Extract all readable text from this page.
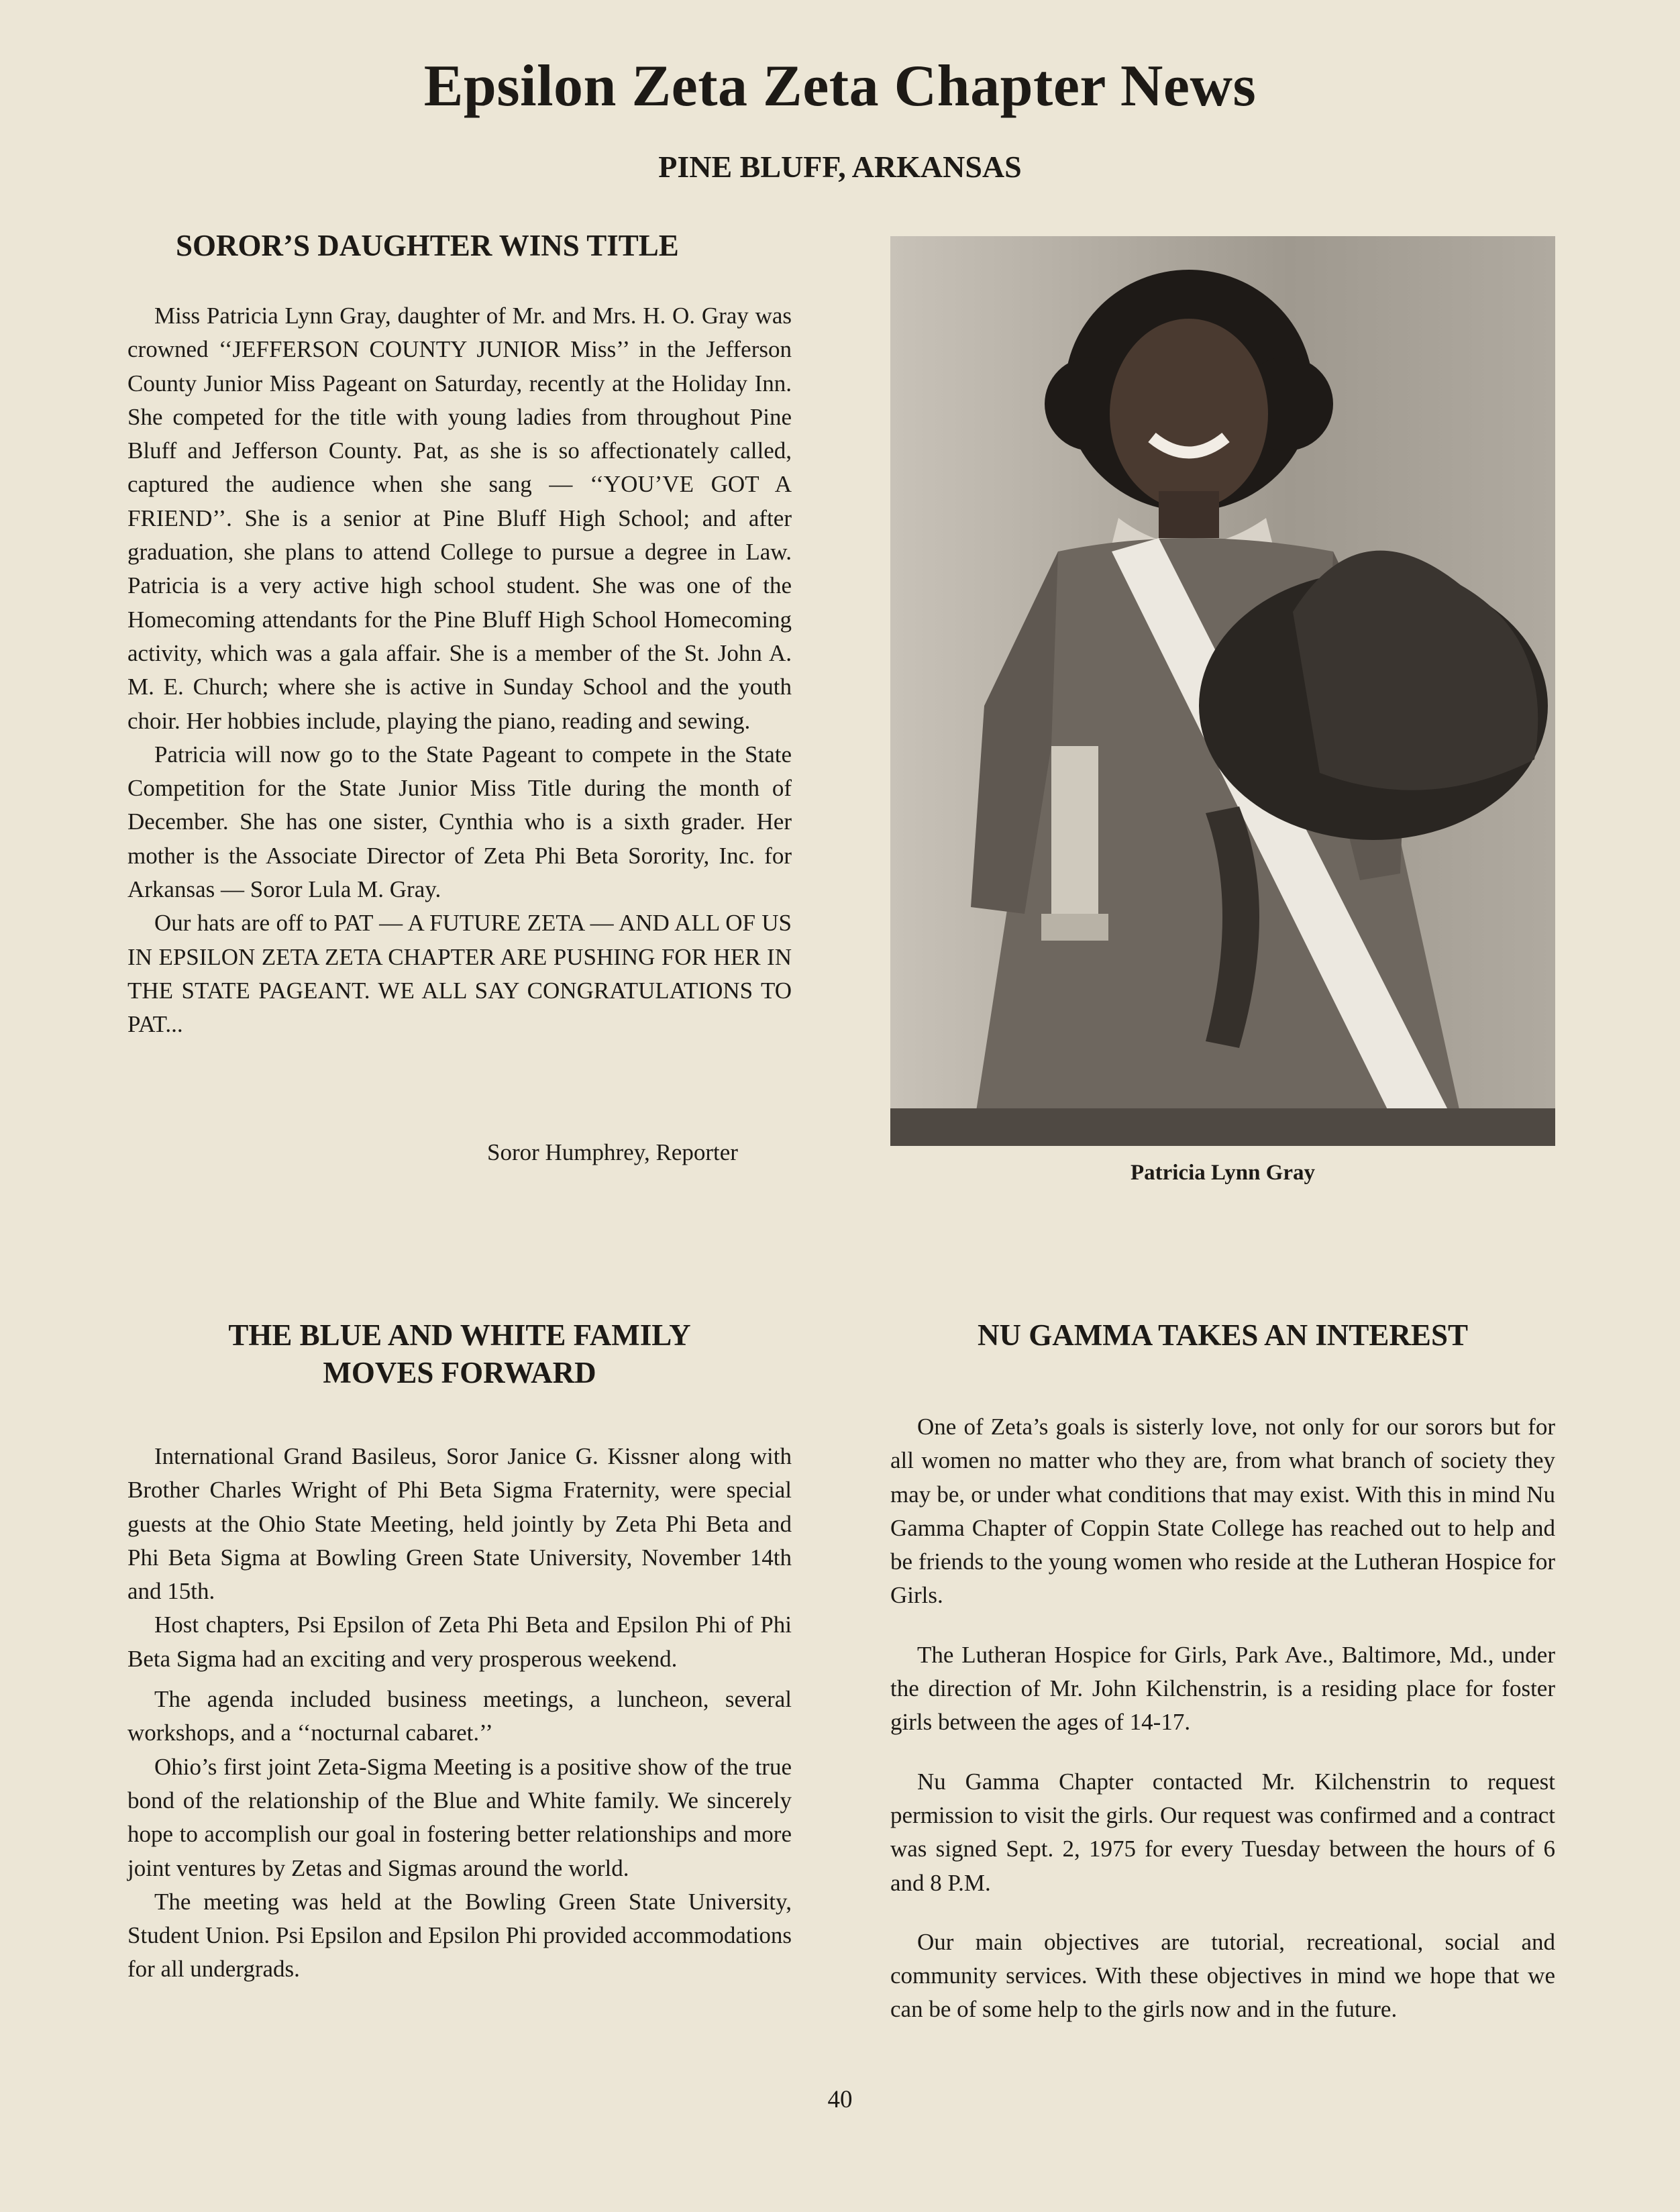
Epsilon Zeta Zeta Chapter News
PINE BLUFF, ARKANSAS
SOROR’S DAUGHTER WINS TITLE

Miss Patricia Lynn Gray, daughter of Mr. and Mrs. H. O. Gray was crowned ‘‘JEFFERSON COUNTY JUNIOR Miss’’ in the Jefferson County Junior Miss Pageant on Saturday, recently at the Holiday Inn. She competed for the title with young ladies from throughout Pine Bluff and Jefferson County. Pat, as she is so affectionately called, captured the audience when she sang — ‘‘YOU’VE GOT A FRIEND’’. She is a senior at Pine Bluff High School; and after graduation, she plans to attend College to pursue a degree in Law. Patricia is a very active high school student. She was one of the Homecoming attendants for the Pine Bluff High School Homecoming activity, which was a gala affair. She is a member of the St. John A. M. E. Church; where she is active in Sunday School and the youth choir. Her hobbies include, playing the piano, reading and sewing.

Patricia will now go to the State Pageant to compete in the State Competition for the State Junior Miss Title during the month of December. She has one sister, Cynthia who is a sixth grader. Her mother is the Associate Director of Zeta Phi Beta Sorority, Inc. for Arkansas — Soror Lula M. Gray.

Our hats are off to PAT — A FUTURE ZETA — AND ALL OF US IN EPSILON ZETA ZETA CHAPTER ARE PUSHING FOR HER IN THE STATE PAGEANT. WE ALL SAY CONGRATULATIONS TO PAT...

Soror Humphrey, Reporter
Patricia Lynn Gray
THE BLUE AND WHITE FAMILY
MOVES FORWARD

International Grand Basileus, Soror Janice G. Kissner along with Brother Charles Wright of Phi Beta Sigma Fraternity, were special guests at the Ohio State Meeting, held jointly by Zeta Phi Beta and Phi Beta Sigma at Bowling Green State University, November 14th and 15th.

Host chapters, Psi Epsilon of Zeta Phi Beta and Epsilon Phi of Phi Beta Sigma had an exciting and very prosperous weekend.

The agenda included business meetings, a luncheon, several workshops, and a ‘‘nocturnal cabaret.’’

Ohio’s first joint Zeta-Sigma Meeting is a positive show of the true bond of the relationship of the Blue and White family. We sincerely hope to accomplish our goal in fostering better relationships and more joint ventures by Zetas and Sigmas around the world.

The meeting was held at the Bowling Green State University, Student Union. Psi Epsilon and Epsilon Phi provided accommodations for all undergrads.

NU GAMMA TAKES AN INTEREST

One of Zeta’s goals is sisterly love, not only for our sorors but for all women no matter who they are, from what branch of society they may be, or under what conditions that may exist. With this in mind Nu Gamma Chapter of Coppin State College has reached out to help and be friends to the young women who reside at the Lutheran Hospice for Girls.

The Lutheran Hospice for Girls, Park Ave., Baltimore, Md., under the direction of Mr. John Kilchenstrin, is a residing place for foster girls between the ages of 14-17.

Nu Gamma Chapter contacted Mr. Kilchenstrin to request permission to visit the girls. Our request was confirmed and a contract was signed Sept. 2, 1975 for every Tuesday between the hours of 6 and 8 P.M.

Our main objectives are tutorial, recreational, social and community services. With these objectives in mind we hope that we can be of some help to the girls now and in the future.

40
